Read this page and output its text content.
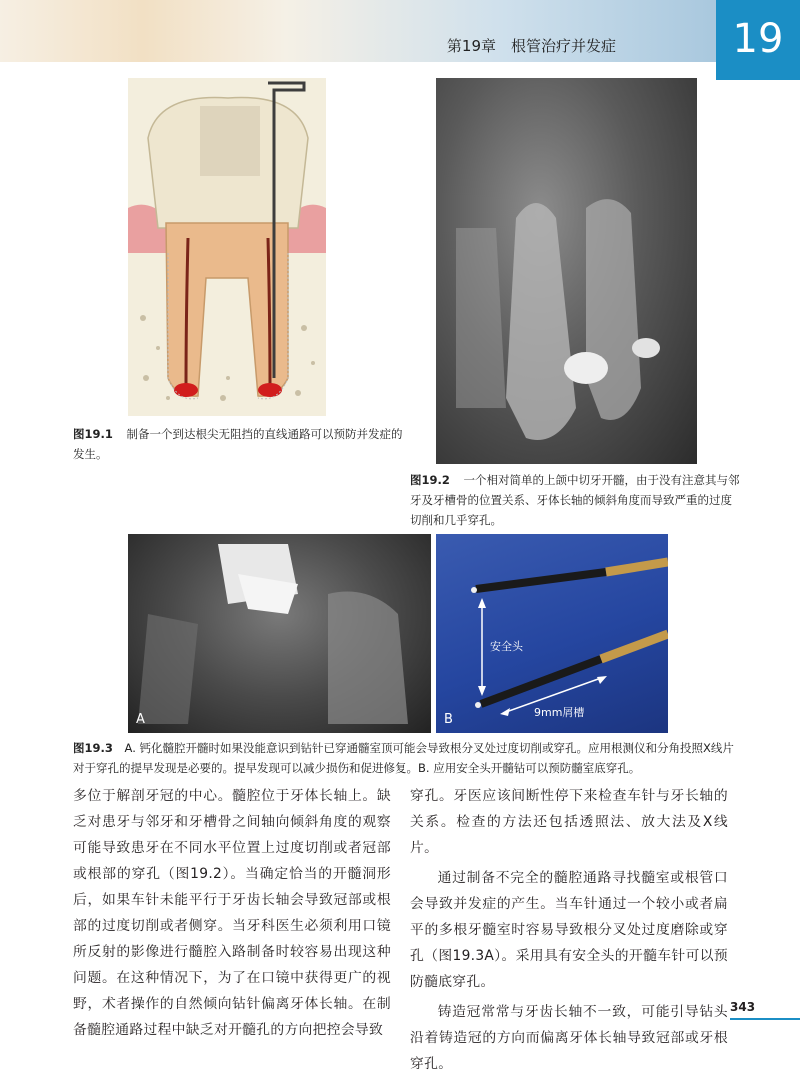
第19章　根管治疗并发症	19
图19.1 制备一个到达根尖无阻挡的直线通路可以预防并发症的发生。
图19.2 一个相对简单的上颌中切牙开髓，由于没有注意其与邻牙及牙槽骨的位置关系、牙体长轴的倾斜角度而导致严重的过度切削和几乎穿孔。
A
安全头
9mm屑槽
B
图19.3 A. 钙化髓腔开髓时如果没能意识到钻针已穿通髓室顶可能会导致根分叉处过度切削或穿孔。应用根测仪和分角投照X线片对于穿孔的提早发现是必要的。提早发现可以减少损伤和促进修复。B. 应用安全头开髓钻可以预防髓室底穿孔。

多位于解剖牙冠的中心。髓腔位于牙体长轴上。缺乏对患牙与邻牙和牙槽骨之间轴向倾斜角度的观察可能导致患牙在不同水平位置上过度切削或者冠部或根部的穿孔（图19.2）。当确定恰当的开髓洞形后，如果车针未能平行于牙齿长轴会导致冠部或根部的过度切削或者侧穿。当牙科医生必须利用口镜所反射的影像进行髓腔入路制备时较容易出现这种问题。在这种情况下，为了在口镜中获得更广的视野，术者操作的自然倾向钻针偏离牙体长轴。在制备髓腔通路过程中缺乏对开髓孔的方向把控会导致

穿孔。牙医应该间断性停下来检查车针与牙长轴的关系。检查的方法还包括透照法、放大法及X线片。

通过制备不完全的髓腔通路寻找髓室或根管口会导致并发症的产生。当车针通过一个较小或者扁平的多根牙髓室时容易导致根分叉处过度磨除或穿孔（图19.3A）。采用具有安全头的开髓车针可以预防髓底穿孔。

铸造冠常常与牙齿长轴不一致，可能引导钻头沿着铸造冠的方向而偏离牙体长轴导致冠部或牙根穿孔。

343
